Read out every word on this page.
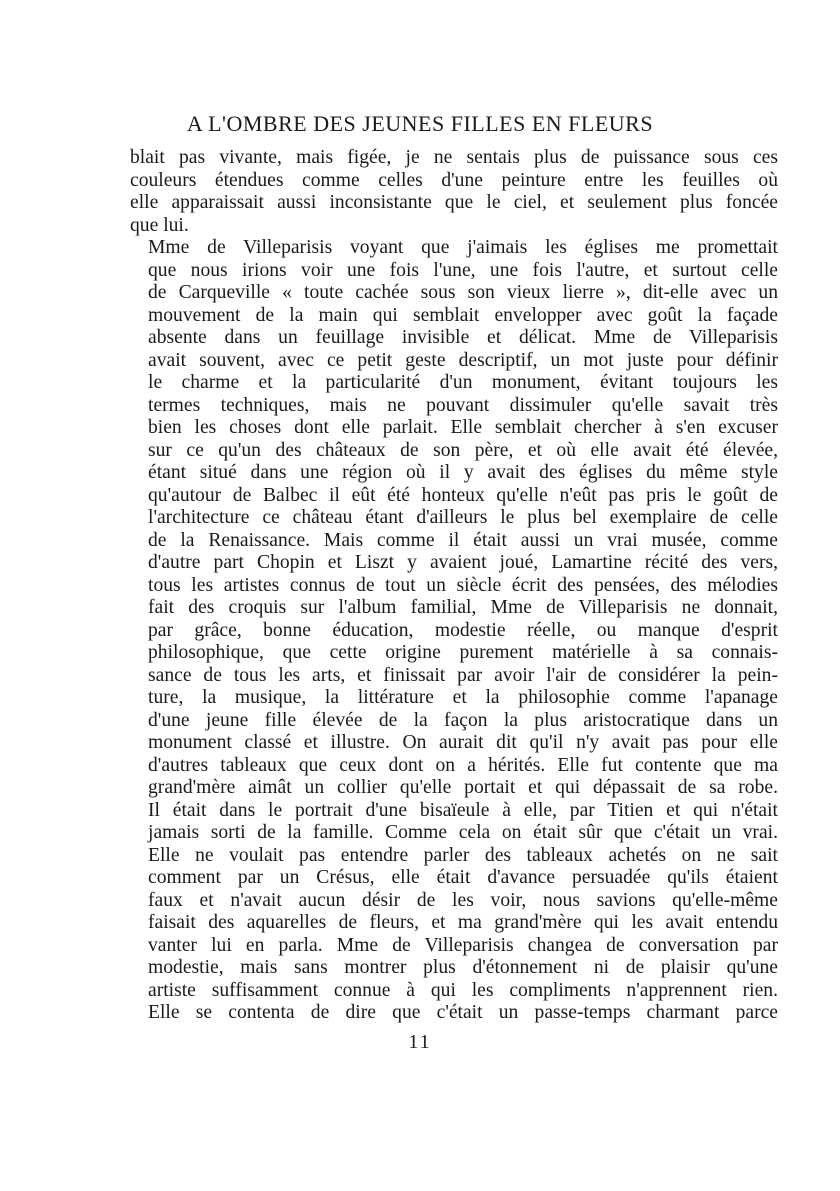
A L'OMBRE DES JEUNES FILLES EN FLEURS

blait pas vivante, mais figée, je ne sentais plus de puissance sous ces
couleurs étendues comme celles d'une peinture entre les feuilles où
elle apparaissait aussi inconsistante que le ciel, et seulement plus foncée
que lui.

Mme de Villeparisis voyant que j'aimais les églises me promettait
que nous irions voir une fois l'une, une fois l'autre, et surtout celle
de Carqueville « toute cachée sous son vieux lierre », dit-elle avec un
mouvement de la main qui semblait envelopper avec goût la façade
absente dans un feuillage invisible et délicat. Mme de Villeparisis
avait souvent, avec ce petit geste descriptif, un mot juste pour définir
le charme et la particularité d'un monument, évitant toujours les
termes techniques, mais ne pouvant dissimuler qu'elle savait très
bien les choses dont elle parlait. Elle semblait chercher à s'en excuser
sur ce qu'un des châteaux de son père, et où elle avait été élevée,
étant situé dans une région où il y avait des églises du même style
qu'autour de Balbec il eût été honteux qu'elle n'eût pas pris le goût de
l'architecture ce château étant d'ailleurs le plus bel exemplaire de celle
de la Renaissance. Mais comme il était aussi un vrai musée, comme
d'autre part Chopin et Liszt y avaient joué, Lamartine récité des vers,
tous les artistes connus de tout un siècle écrit des pensées, des mélodies
fait des croquis sur l'album familial, Mme de Villeparisis ne donnait,
par grâce, bonne éducation, modestie réelle, ou manque d'esprit
philosophique, que cette origine purement matérielle à sa connais-
sance de tous les arts, et finissait par avoir l'air de considérer la pein-
ture, la musique, la littérature et la philosophie comme l'apanage
d'une jeune fille élevée de la façon la plus aristocratique dans un
monument classé et illustre. On aurait dit qu'il n'y avait pas pour elle
d'autres tableaux que ceux dont on a hérités. Elle fut contente que ma
grand'mère aimât un collier qu'elle portait et qui dépassait de sa robe.
Il était dans le portrait d'une bisaïeule à elle, par Titien et qui n'était
jamais sorti de la famille. Comme cela on était sûr que c'était un vrai.
Elle ne voulait pas entendre parler des tableaux achetés on ne sait
comment par un Crésus, elle était d'avance persuadée qu'ils étaient
faux et n'avait aucun désir de les voir, nous savions qu'elle-même
faisait des aquarelles de fleurs, et ma grand'mère qui les avait entendu
vanter lui en parla. Mme de Villeparisis changea de conversation par
modestie, mais sans montrer plus d'étonnement ni de plaisir qu'une
artiste suffisamment connue à qui les compliments n'apprennent rien.
Elle se contenta de dire que c'était un passe-temps charmant parce

11
